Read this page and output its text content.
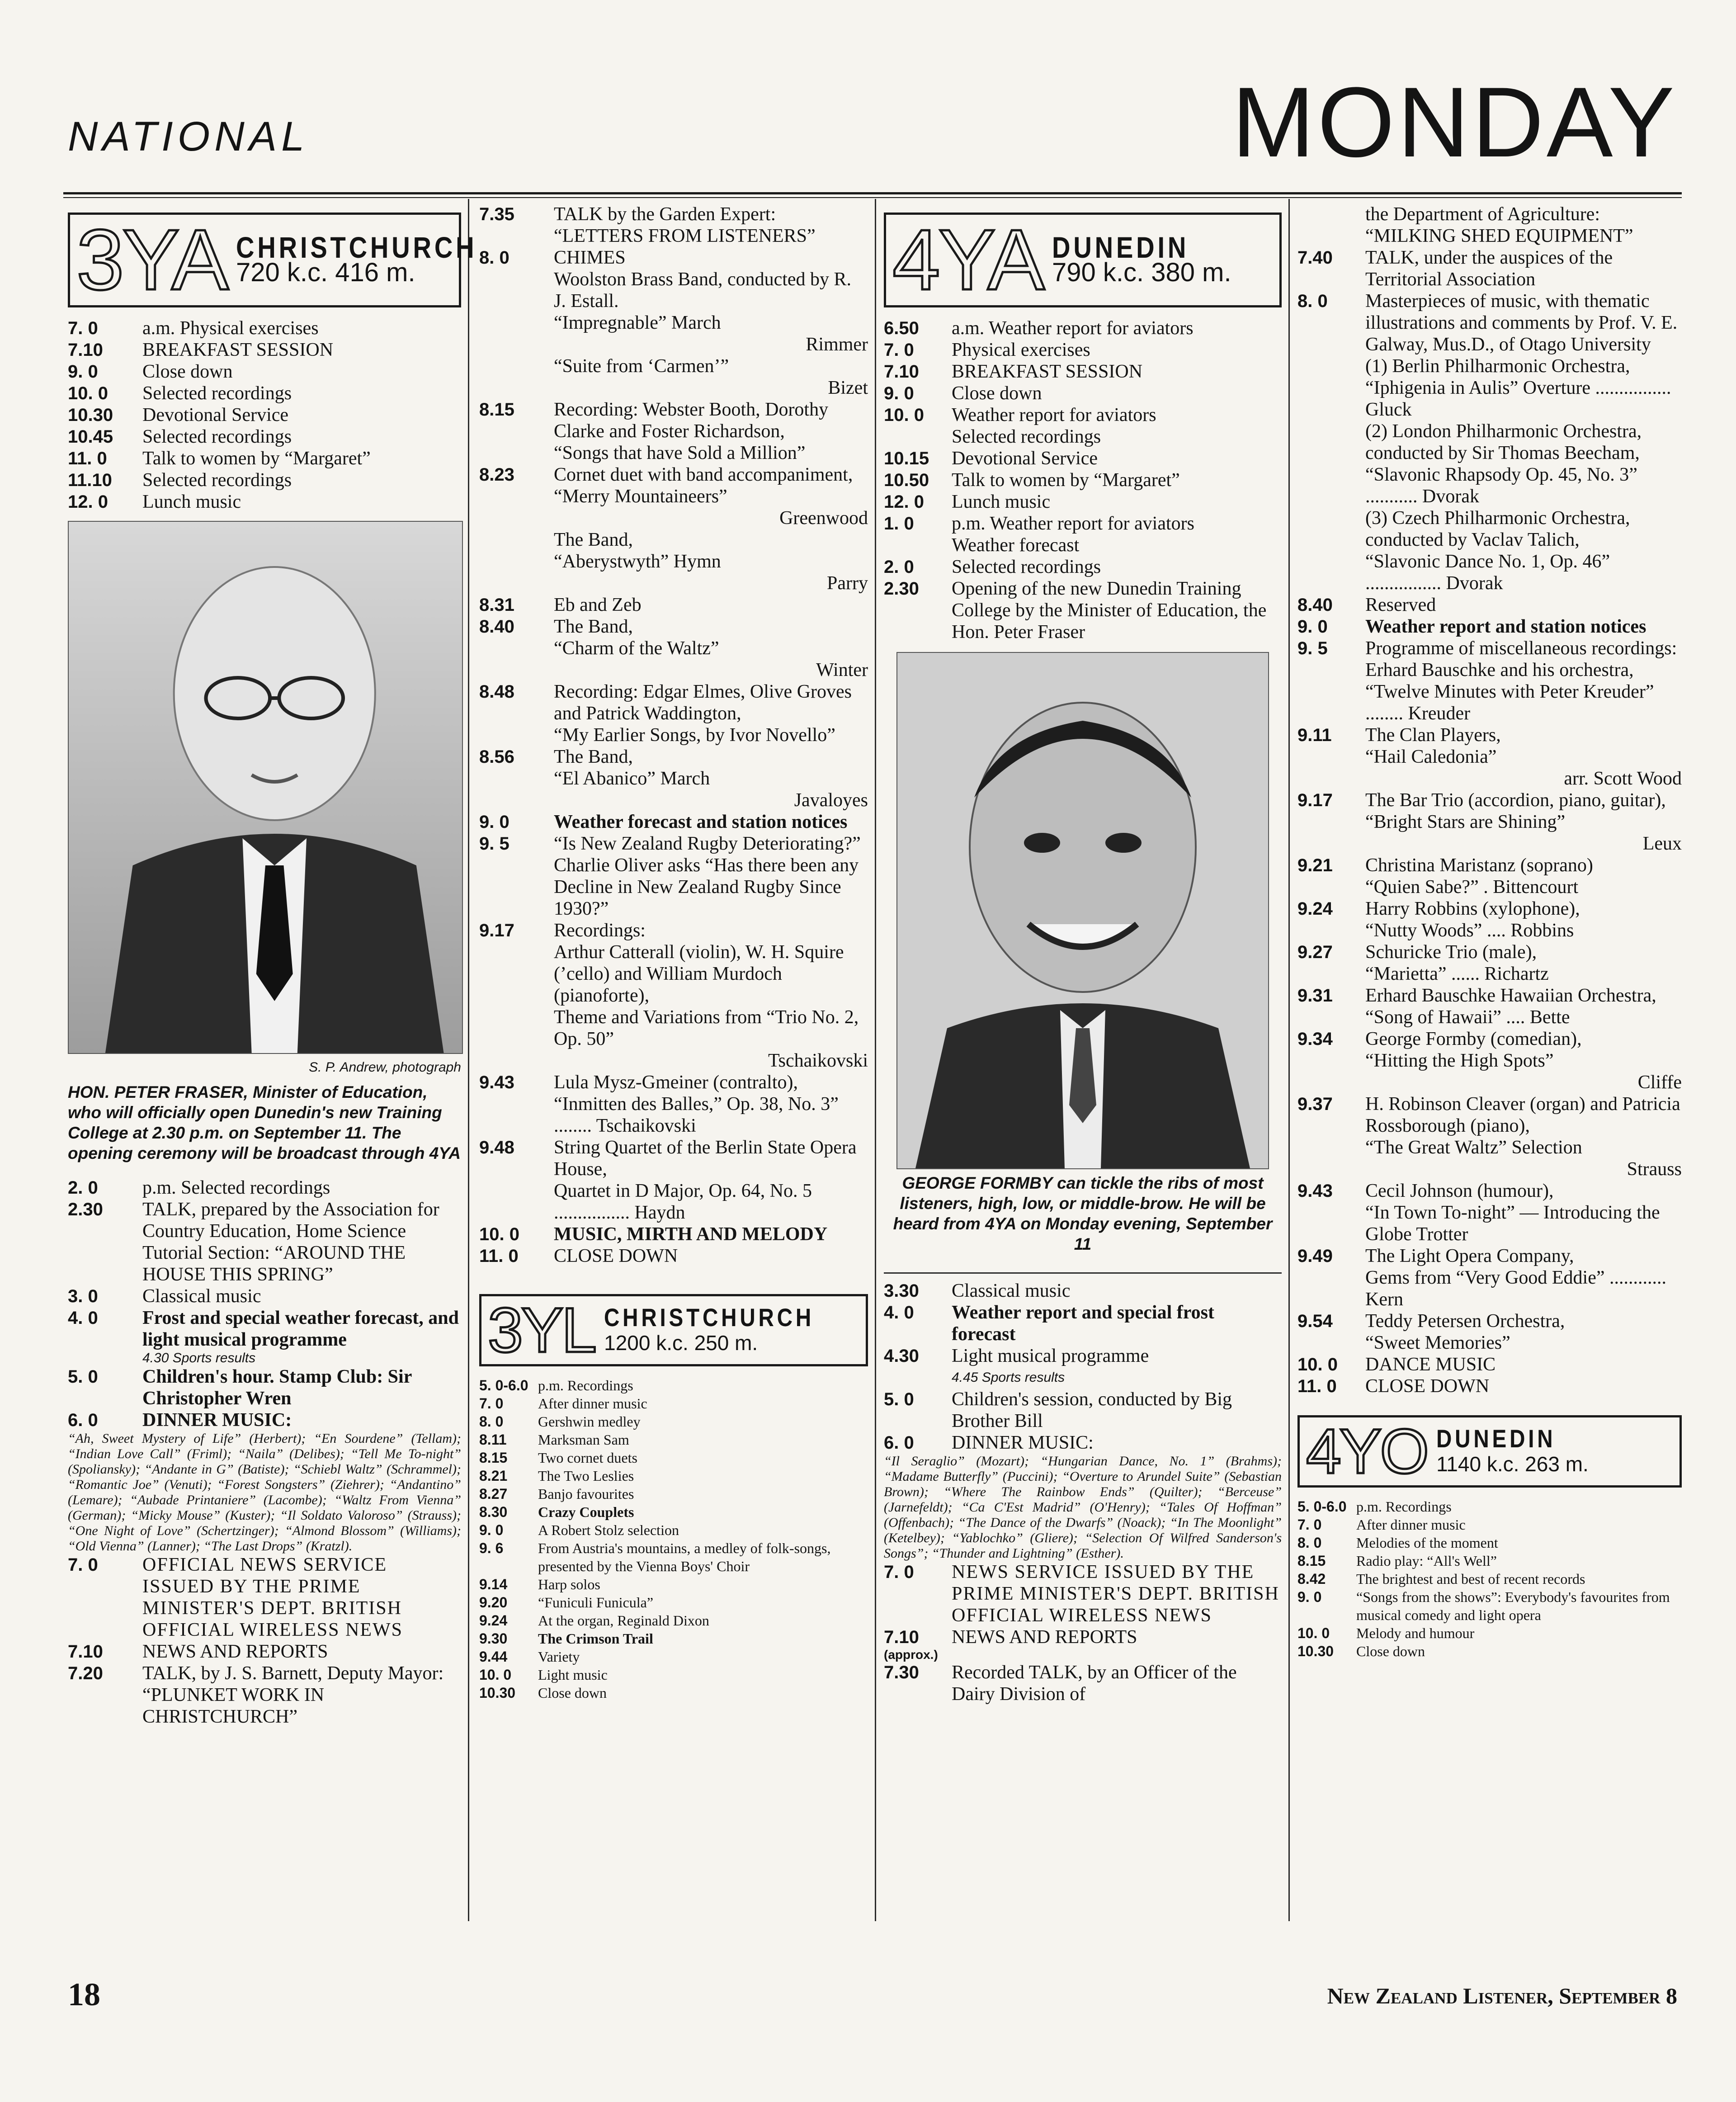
NATIONAL	MONDAY
3YA CHRISTCHURCH
720 k.c. 416 m.
7. 0	a.m. Physical exercises
7.10	BREAKFAST SESSION
9. 0	Close down
10. 0	Selected recordings
10.30	Devotional Service
10.45	Selected recordings
11. 0	Talk to women by “Margaret”
11.10	Selected recordings
12. 0	Lunch music
S. P. Andrew, photograph
HON. PETER FRASER, Minister of Education, who will officially open Dunedin's new Training College at 2.30 p.m. on September 11. The opening ceremony will be broadcast through 4YA
2. 0	p.m. Selected recordings
2.30	TALK, prepared by the Association for Country Education, Home Science Tutorial Section: “AROUND THE HOUSE THIS SPRING”
3. 0	Classical music
4. 0	Frost and special weather forecast, and light musical programme
4.30 Sports results
5. 0	Children's hour. Stamp Club: Sir Christopher Wren
6. 0	DINNER MUSIC:
“Ah, Sweet Mystery of Life” (Herbert); “En Sourdene” (Tellam); “Indian Love Call” (Friml); “Naila” (Delibes); “Tell Me To-night” (Spoliansky); “Andante in G” (Batiste); “Schiebl Waltz” (Schrammel); “Romantic Joe” (Venuti); “Forest Songsters” (Ziehrer); “Andantino” (Lemare); “Aubade Printaniere” (Lacombe); “Waltz From Vienna” (German); “Micky Mouse” (Kuster); “Il Soldato Valoroso” (Strauss); “One Night of Love” (Schertzinger); “Almond Blossom” (Williams); “Old Vienna” (Lanner); “The Last Drops” (Kratzl).
7. 0	OFFICIAL NEWS SERVICE ISSUED BY THE PRIME MINISTER'S DEPT. BRITISH OFFICIAL WIRELESS NEWS
7.10	NEWS AND REPORTS
7.20	TALK, by J. S. Barnett, Deputy Mayor: “PLUNKET WORK IN CHRISTCHURCH”
7.35	TALK by the Garden Expert: “LETTERS FROM LISTENERS”
8. 0	CHIMES
Woolston Brass Band, conducted by R. J. Estall.
“Impregnable” March
Rimmer
“Suite from ‘Carmen’”
Bizet
8.15	Recording: Webster Booth, Dorothy Clarke and Foster Richardson,
“Songs that have Sold a Million”
8.23	Cornet duet with band accompaniment,
“Merry Mountaineers”
Greenwood
The Band,
“Aberystwyth” Hymn
Parry
8.31	Eb and Zeb
8.40	The Band,
“Charm of the Waltz”
Winter
8.48	Recording: Edgar Elmes, Olive Groves and Patrick Waddington,
“My Earlier Songs, by Ivor Novello”
8.56	The Band,
“El Abanico” March
Javaloyes
9. 0	Weather forecast and station notices
9. 5	“Is New Zealand Rugby Deteriorating?” Charlie Oliver asks “Has there been any Decline in New Zealand Rugby Since 1930?”
9.17	Recordings:
Arthur Catterall (violin), W. H. Squire (’cello) and William Murdoch (pianoforte),
Theme and Variations from “Trio No. 2, Op. 50”
Tschaikovski
9.43	Lula Mysz-Gmeiner (contralto),
“Inmitten des Balles,” Op. 38, No. 3” ........ Tschaikovski
9.48	String Quartet of the Berlin State Opera House,
Quartet in D Major, Op. 64, No. 5 ................ Haydn
10. 0	MUSIC, MIRTH AND MELODY
11. 0	CLOSE DOWN
3YL CHRISTCHURCH
1200 k.c. 250 m.
5. 0-6.0 p.m. Recordings
7. 0	After dinner music
8. 0	Gershwin medley
8.11	Marksman Sam
8.15	Two cornet duets
8.21	The Two Leslies
8.27	Banjo favourites
8.30	Crazy Couplets
9. 0	A Robert Stolz selection
9. 6	From Austria's mountains, a medley of folk-songs, presented by the Vienna Boys' Choir
9.14	Harp solos
9.20	“Funiculi Funicula”
9.24	At the organ, Reginald Dixon
9.30	The Crimson Trail
9.44	Variety
10. 0	Light music
10.30	Close down
4YA DUNEDIN
790 k.c. 380 m.
6.50	a.m. Weather report for aviators
7. 0	Physical exercises
7.10	BREAKFAST SESSION
9. 0	Close down
10. 0	Weather report for aviators
Selected recordings
10.15	Devotional Service
10.50	Talk to women by “Margaret”
12. 0	Lunch music
1. 0	p.m. Weather report for aviators
Weather forecast
2. 0	Selected recordings
2.30	Opening of the new Dunedin Training College by the Minister of Education, the Hon. Peter Fraser
GEORGE FORMBY can tickle the ribs of most listeners, high, low, or middle-brow. He will be heard from 4YA on Monday evening, September 11
3.30	Classical music
4. 0	Weather report and special frost forecast
4.30	Light musical programme
4.45 Sports results
5. 0	Children's session, conducted by Big Brother Bill
6. 0	DINNER MUSIC:
“Il Seraglio” (Mozart); “Hungarian Dance, No. 1” (Brahms); “Madame Butterfly” (Puccini); “Overture to Arundel Suite” (Sebastian Brown); “Where The Rainbow Ends” (Quilter); “Berceuse” (Jarnefeldt); “Ca C'Est Madrid” (O'Henry); “Tales Of Hoffman” (Offenbach); “The Dance of the Dwarfs” (Noack); “In The Moonlight” (Ketelbey); “Yablochko” (Gliere); “Selection Of Wilfred Sanderson's Songs”; “Thunder and Lightning” (Esther).
7. 0	NEWS SERVICE ISSUED BY THE PRIME MINISTER'S DEPT. BRITISH OFFICIAL WIRELESS NEWS
7.10	NEWS AND REPORTS
(approx.)
7.30	Recorded TALK, by an Officer of the Dairy Division of
the Department of Agriculture: “MILKING SHED EQUIPMENT”
7.40	TALK, under the auspices of the Territorial Association
8. 0	Masterpieces of music, with thematic illustrations and comments by Prof. V. E. Galway, Mus.D., of Otago University
(1) Berlin Philharmonic Orchestra,
“Iphigenia in Aulis” Overture ................ Gluck
(2) London Philharmonic Orchestra, conducted by Sir Thomas Beecham,
“Slavonic Rhapsody Op. 45, No. 3” ........... Dvorak
(3) Czech Philharmonic Orchestra, conducted by Vaclav Talich,
“Slavonic Dance No. 1, Op. 46” ................ Dvorak
8.40	Reserved
9. 0	Weather report and station notices
9. 5	Programme of miscellaneous recordings:
Erhard Bauschke and his orchestra,
“Twelve Minutes with Peter Kreuder” ........ Kreuder
9.11	The Clan Players,
“Hail Caledonia”
arr. Scott Wood
9.17	The Bar Trio (accordion, piano, guitar),
“Bright Stars are Shining”
Leux
9.21	Christina Maristanz (soprano)
“Quien Sabe?” . Bittencourt
9.24	Harry Robbins (xylophone),
“Nutty Woods” .... Robbins
9.27	Schuricke Trio (male),
“Marietta” ...... Richartz
9.31	Erhard Bauschke Hawaiian Orchestra,
“Song of Hawaii” .... Bette
9.34	George Formby (comedian),
“Hitting the High Spots”
Cliffe
9.37	H. Robinson Cleaver (organ) and Patricia Rossborough (piano),
“The Great Waltz” Selection
Strauss
9.43	Cecil Johnson (humour),
“In Town To-night” — Introducing the Globe Trotter
9.49	The Light Opera Company,
Gems from “Very Good Eddie” ............ Kern
9.54	Teddy Petersen Orchestra,
“Sweet Memories”
10. 0	DANCE MUSIC
11. 0	CLOSE DOWN
4YO DUNEDIN
1140 k.c. 263 m.
5. 0-6.0 p.m. Recordings
7. 0	After dinner music
8. 0	Melodies of the moment
8.15	Radio play: “All's Well”
8.42	The brightest and best of recent records
9. 0	“Songs from the shows”: Everybody's favourites from musical comedy and light opera
10. 0	Melody and humour
10.30	Close down
18	New Zealand Listener, September 8
